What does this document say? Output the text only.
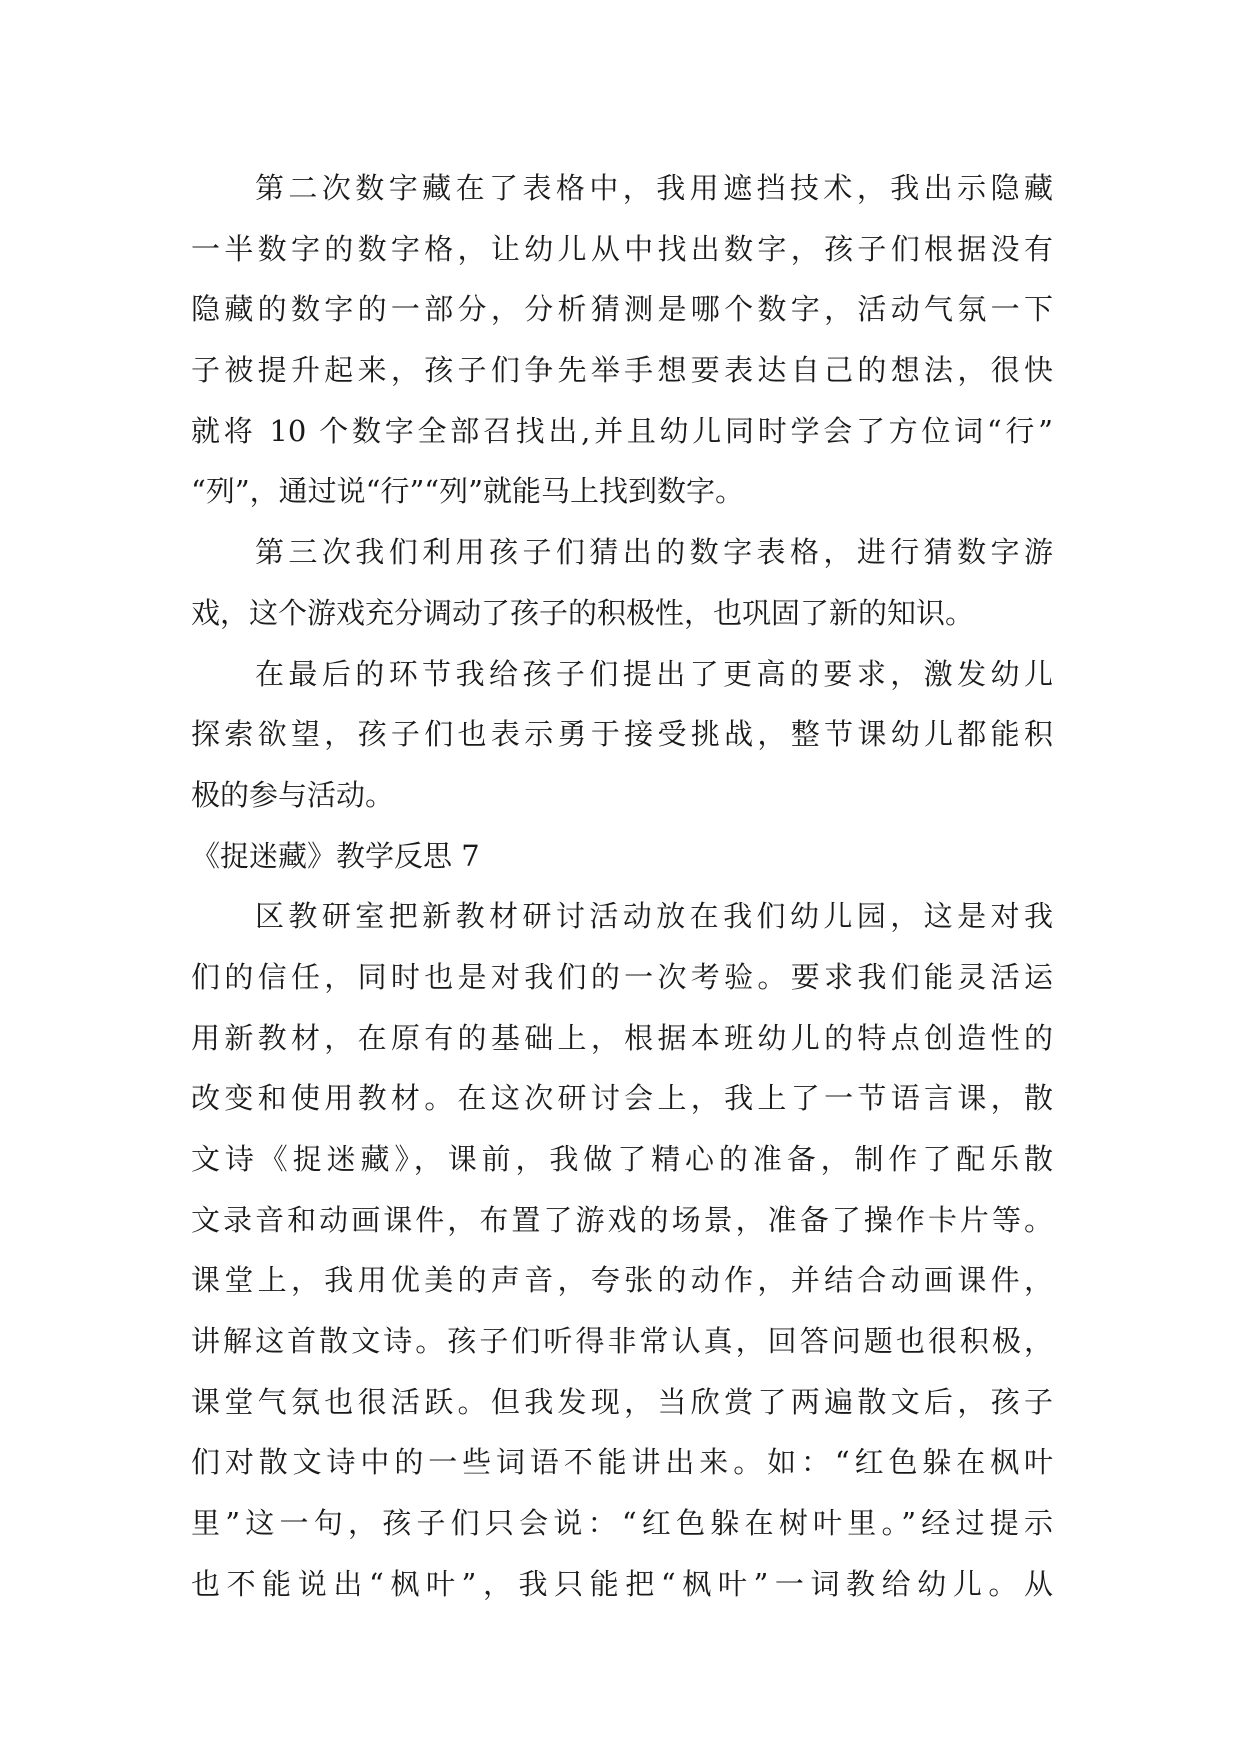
第二次数字藏在了表格中，我用遮挡技术，我出示隐藏
一半数字的数字格，让幼儿从中找出数字，孩子们根据没有
隐藏的数字的一部分，分析猜测是哪个数字，活动气氛一下
子被提升起来，孩子们争先举手想要表达自己的想法，很快
就将 10 个数字全部召找出,并且幼儿同时学会了方位词“行”
“列”，通过说“行”“列”就能马上找到数字。
第三次我们利用孩子们猜出的数字表格，进行猜数字游
戏，这个游戏充分调动了孩子的积极性，也巩固了新的知识。
在最后的环节我给孩子们提出了更高的要求，激发幼儿
探索欲望，孩子们也表示勇于接受挑战，整节课幼儿都能积
极的参与活动。
《捉迷藏》教学反思 7
区教研室把新教材研讨活动放在我们幼儿园，这是对我
们的信任，同时也是对我们的一次考验。要求我们能灵活运
用新教材，在原有的基础上，根据本班幼儿的特点创造性的
改变和使用教材。在这次研讨会上，我上了一节语言课，散
文诗《捉迷藏》，课前，我做了精心的准备，制作了配乐散
文录音和动画课件，布置了游戏的场景，准备了操作卡片等。
课堂上，我用优美的声音，夸张的动作，并结合动画课件，
讲解这首散文诗。孩子们听得非常认真，回答问题也很积极，
课堂气氛也很活跃。但我发现，当欣赏了两遍散文后，孩子
们对散文诗中的一些词语不能讲出来。如：“红色躲在枫叶
里”这一句，孩子们只会说：“红色躲在树叶里。”经过提示
也不能说出“枫叶”，我只能把“枫叶”一词教给幼儿。从
